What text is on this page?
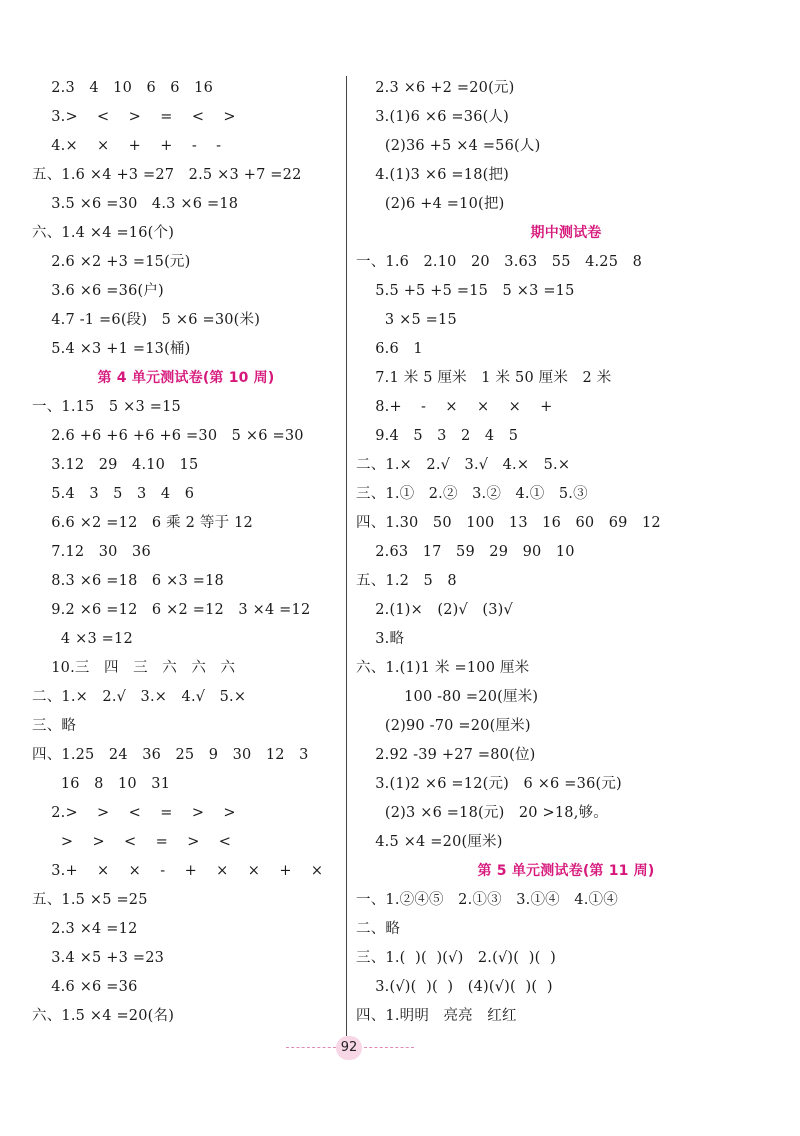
2.3   4   10   6   6   16
3.>    <    >    =    <    >
4.×    ×    +    +    -    -
五、1.6 ×4 +3 =27   2.5 ×3 +7 =22
3.5 ×6 =30   4.3 ×6 =18
六、1.4 ×4 =16(个)
2.6 ×2 +3 =15(元)
3.6 ×6 =36(户)
4.7 -1 =6(段)   5 ×6 =30(米)
5.4 ×3 +1 =13(桶)
第 4 单元测试卷(第 10 周)
一、1.15   5 ×3 =15
2.6 +6 +6 +6 +6 =30   5 ×6 =30
3.12   29   4.10   15
5.4   3   5   3   4   6
6.6 ×2 =12   6 乘 2 等于 12
7.12   30   36
8.3 ×6 =18   6 ×3 =18
9.2 ×6 =12   6 ×2 =12   3 ×4 =12
4 ×3 =12
10.三   四   三   六   六   六
二、1.×   2.√   3.×   4.√   5.×
三、略
四、1.25   24   36   25   9   30   12   3
16   8   10   31
2.>    >    <    =    >    >
>    >    <    =    >    <
3.+    ×    ×    -    +    ×    ×    +    ×
五、1.5 ×5 =25
2.3 ×4 =12
3.4 ×5 +3 =23
4.6 ×6 =36
六、1.5 ×4 =20(名)
2.3 ×6 +2 =20(元)
3.(1)6 ×6 =36(人)
(2)36 +5 ×4 =56(人)
4.(1)3 ×6 =18(把)
(2)6 +4 =10(把)
期中测试卷
一、1.6   2.10   20   3.63   55   4.25   8
5.5 +5 +5 =15   5 ×3 =15
3 ×5 =15
6.6   1
7.1 米 5 厘米   1 米 50 厘米   2 米
8.+    -    ×    ×    ×    +
9.4   5   3   2   4   5
二、1.×   2.√   3.√   4.×   5.×
三、1.①   2.②   3.②   4.①   5.③
四、1.30   50   100   13   16   60   69   12
2.63   17   59   29   90   10
五、1.2   5   8
2.(1)×   (2)√   (3)√
3.略
六、1.(1)1 米 =100 厘米
100 -80 =20(厘米)
(2)90 -70 =20(厘米)
2.92 -39 +27 =80(位)
3.(1)2 ×6 =12(元)   6 ×6 =36(元)
(2)3 ×6 =18(元)   20 >18,够。
4.5 ×4 =20(厘米)
第 5 单元测试卷(第 11 周)
一、1.②④⑤   2.①③   3.①④   4.①④
二、略
三、1.(  )(  )(√)   2.(√)(  )(  )
3.(√)(  )(  )   (4)(√)(  )(  )
四、1.明明   亮亮   红红
92
